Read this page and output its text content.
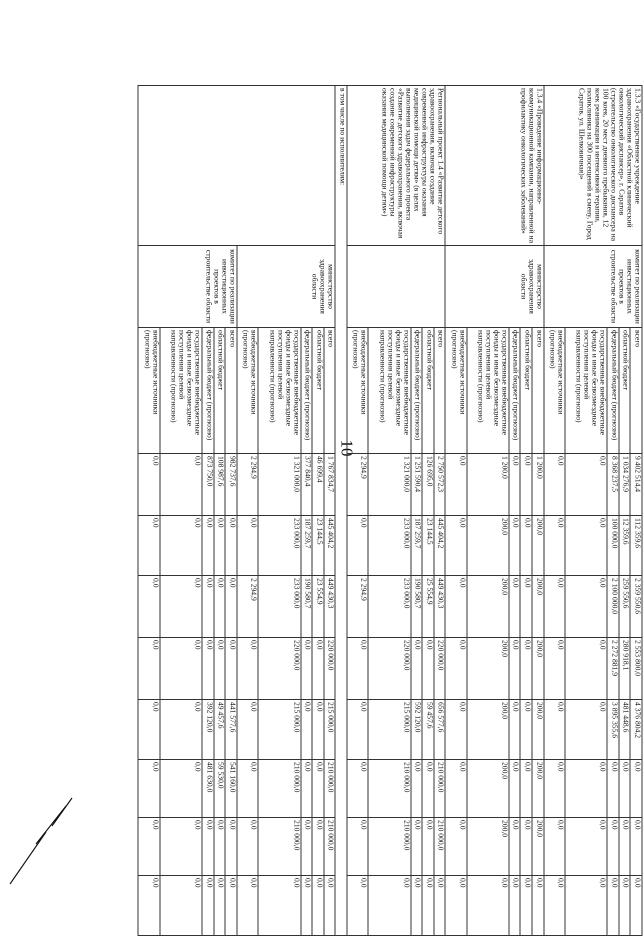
10
1.3.3 «Государственное учреждение здравоохранения «Областной клинический онкологический диспансер», г. Саратов (строительство онкологического диспансера на 100 коек, 20 мест дневного пребывания, 12 коек реанимации и интенсивной терапии, поликлиника на 300 посещений в смену, Город Саратов, ул. Шелковичная)»	комитет по реализации инвестиционных проектов в строительстве области	всего	9 402 514,4	112 359,6	2 359 550,6	2 553 800,0	4 376 804,2	0,0	0,0	0,0
		областной бюджет	1 034 276,9	12 359,6	259 550,6	280 918,1	481 448,6	0,0	0,0	0,0
		федеральный бюджет (прогнозно)	8 368 237,5	100 000,0	2 100 000,0	2 272 881,9	3 895 355,6	0,0	0,0	0,0
		государственные внебюджетные фонды и иные безвозмездные поступления целевой направленности (прогнозно)	0,0	0,0	0,0	0,0	0,0	0,0	0,0	0,0
		внебюджетные источники (прогнозно)	0,0	0,0	0,0	0,0	0,0	0,0	0,0	0,0
1.3.4 «Проведение информационно-коммуникационной кампании, направленной на профилактику онкологических заболеваний»	министерство здравоохранения области	всего	1 200,0	200,0	200,0	200,0	200,0	200,0	200,0	0,0
		областной бюджет	0,0	0,0	0,0	0,0	0,0	0,0	0,0	0,0
		федеральный бюджет (прогнозно)	0,0	0,0	0,0	0,0	0,0	0,0	0,0	0,0
		государственные внебюджетные фонды и иные безвозмездные поступления целевой направленности (прогнозно)	1 200,0	200,0	200,0	200,0	200,0	200,0	200,0	0,0
		внебюджетные источники (прогнозно)	0,0	0,0	0,0	0,0	0,0	0,0	0,0	0,0
Региональный проект 1.4 «Развитие детского здравоохранения, включая создание современной инфраструктуры оказания медицинской помощи детям» (в целях выполнения задач федерального проекта «Развитие детского здравоохранения, включая создание современной инфраструктуры оказания медицинской помощи детям»)		всего	2 750 572,3	445 404,2	449 430,3	220 000,0	656 577,6	210 000,0	210 000,0	0,0
		областной бюджет	126 695,0	23 144,5	25 554,9	0,0	59 457,6	0,0	0,0	0,0
		федеральный бюджет (прогнозно)	1 251 590,4	187 259,7	190 580,7	0,0	592 120,0	0,0	0,0	0,0
		государственные внебюджетные фонды и иные безвозмездные поступления целевой направленности (прогнозно)	1 321 000,0	233 000,0	233 000,0	220 000,0	215 000,0	210 000,0	210 000,0	0,0
		внебюджетные источники (прогнозно)	2 294,9	0,0	2 294,9	0,0	0,0	0,0	0,0	0,0
в том числе по исполнителям:										
	министерство здравоохранения области	всего	1 767 834,7	445 404,2	449 430,3	220 000,0	215 000,0	210 000,0	210 000,0	0,0
		областной бюджет	46 699,4	23 144,5	23 554,9	0,0	0,0	0,0	0,0	0,0
		федеральный бюджет (прогнозно)	377 840,4	187 259,7	190 580,7	0,0	0,0	0,0	0,0	0,0
		государственные внебюджетные фонды и иные безвозмездные поступления целевой направленности (прогнозно)	1 321 000,0	233 000,0	233 000,0	220 000,0	215 000,0	210 000,0	210 000,0	0,0
		внебюджетные источники (прогнозно)	2 294,9	0,0	2 294,9	0,0	0,0	0,0	0,0	0,0
	комитет по реализации инвестиционных проектов в строительстве области	всего	982 737,6	0,0	0,0	0,0	441 577,6	541 160,0	0,0	0,0
		областной бюджет	108 987,6	0,0	0,0	0,0	49 457,6	59 530,0	0,0	0,0
		федеральный бюджет (прогнозно)	873 750,0	0,0	0,0	0,0	392 120,0	481 630,0	0,0	0,0
		государственные внебюджетные фонды и иные безвозмездные поступления целевой направленности (прогнозно)	0,0	0,0	0,0	0,0	0,0	0,0	0,0	0,0
		внебюджетные источники (прогнозно)	0,0	0,0	0,0	0,0	0,0	0,0	0,0	0,0
